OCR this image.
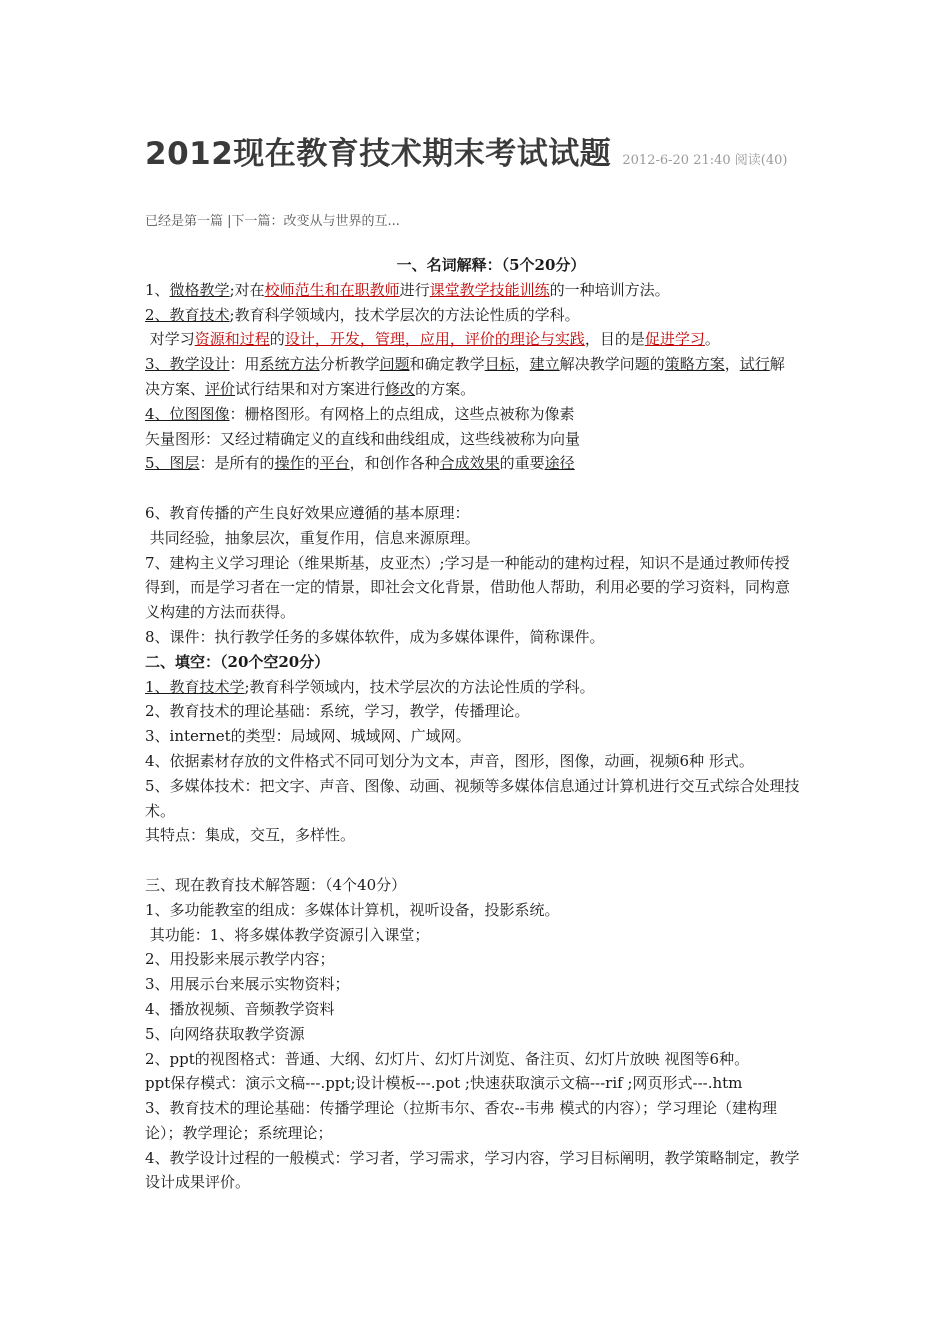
2012现在教育技术期末考试试题 2012-6-20 21:40 阅读(40)
已经是第一篇 |下一篇：改变从与世界的互...
一、名词解释：（5个20分）
1、微格教学;对在校师范生和在职教师进行课堂教学技能训练的一种培训方法。
2、教育技术;教育科学领域内，技术学层次的方法论性质的学科。
对学习资源和过程的设计，开发，管理，应用，评价的理论与实践，目的是促进学习。
3、教学设计：用系统方法分析教学问题和确定教学目标，建立解决教学问题的策略方案，试行解
决方案、评价试行结果和对方案进行修改的方案。
4、位图图像：栅格图形。有网格上的点组成，这些点被称为像素
矢量图形：又经过精确定义的直线和曲线组成，这些线被称为向量
5、图层：是所有的操作的平台，和创作各种合成效果的重要途径
6、教育传播的产生良好效果应遵循的基本原理：
共同经验，抽象层次，重复作用，信息来源原理。
7、建构主义学习理论（维果斯基，皮亚杰）;学习是一种能动的建构过程，知识不是通过教师传授
得到，而是学习者在一定的情景，即社会文化背景，借助他人帮助，利用必要的学习资料，同构意
义构建的方法而获得。
8、课件：执行教学任务的多媒体软件，成为多媒体课件，简称课件。
二、填空：（20个空20分）
1、教育技术学;教育科学领域内，技术学层次的方法论性质的学科。
2、教育技术的理论基础：系统，学习，教学，传播理论。
3、internet的类型：局域网、城域网、广域网。
4、依据素材存放的文件格式不同可划分为文本，声音，图形，图像，动画，视频6种 形式。
5、多媒体技术：把文字、声音、图像、动画、视频等多媒体信息通过计算机进行交互式综合处理技
术。
其特点：集成，交互，多样性。
三、现在教育技术解答题：（4个40分）
1、多功能教室的组成：多媒体计算机，视听设备，投影系统。
其功能：1、将多媒体教学资源引入课堂；
2、用投影来展示教学内容；
3、用展示台来展示实物资料；
4、播放视频、音频教学资料
5、向网络获取教学资源
2、ppt的视图格式：普通、大纲、幻灯片、幻灯片浏览、备注页、幻灯片放映 视图等6种。
ppt保存模式：演示文稿---.ppt;设计模板---.pot ;快速获取演示文稿---rif ;网页形式---.htm
3、教育技术的理论基础：传播学理论（拉斯韦尔、香农--韦弗 模式的内容）；学习理论（建构理
论）；教学理论；系统理论；
4、教学设计过程的一般模式：学习者，学习需求，学习内容，学习目标阐明，教学策略制定，教学
设计成果评价。
